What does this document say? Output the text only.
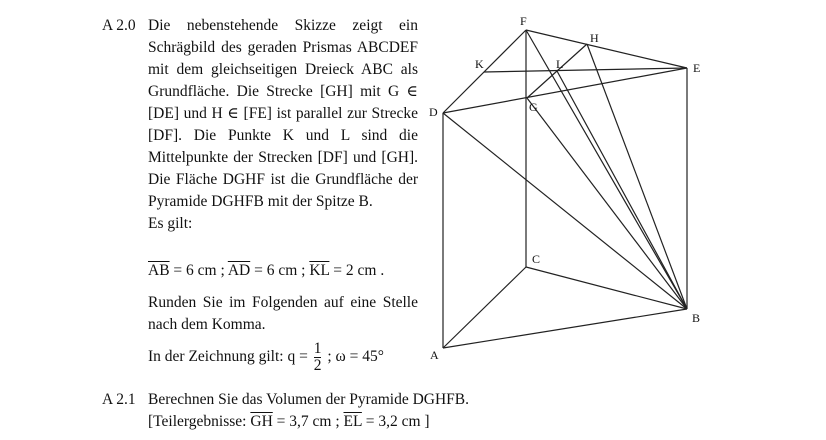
A 2.0 Die nebenstehende Skizze zeigt ein Schrägbild des geraden Prismas ABCDEF mit dem gleichseitigen Dreieck ABC als Grundfläche. Die Strecke [GH] mit G ∈ [DE] und H ∈ [FE] ist parallel zur Strecke [DF]. Die Punkte K und L sind die Mittelpunkte der Strecken [DF] und [GH]. Die Fläche DGHF ist die Grundfläche der Pyramide DGHFB mit der Spitze B.

Es gilt:

$\overline{AB} = 6$ cm ; $\overline{AD} = 6$ cm ; $\overline{KL} = 2$ cm .
Runden Sie im Folgenden auf eine Stelle nach dem Komma.
In der Zeichnung gilt: $q = \frac{1}{2}$ ; ω = 45°
A 2.1 Berechnen Sie das Volumen der Pyramide DGHFB.
[Teilergebnisse: $\overline{GH} = 3,7$ cm ; $\overline{EL} = 3,2$ cm ]
F
H
K	L	E
D	G
C
B
A
